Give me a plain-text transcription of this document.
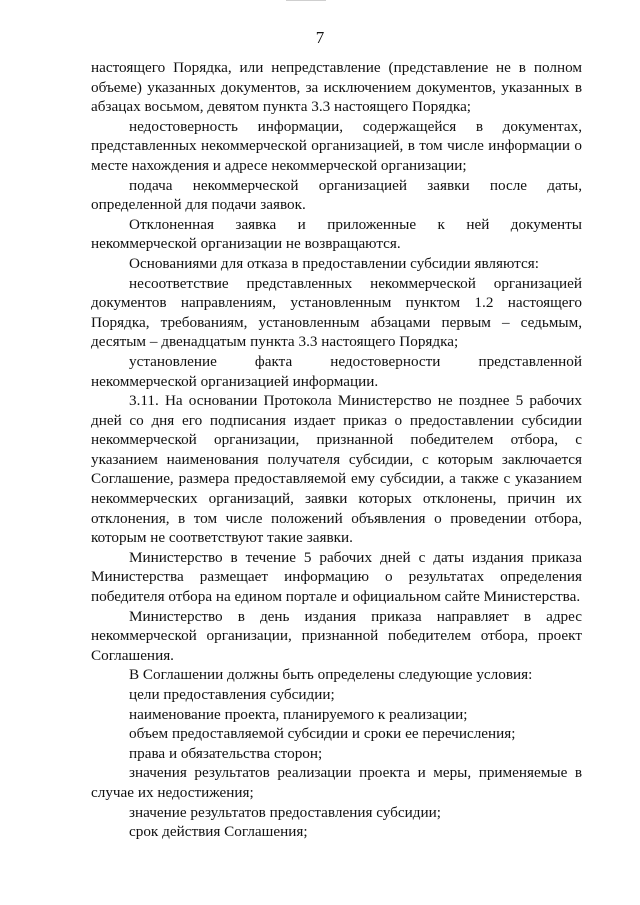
7

настоящего Порядка, или непредставление (представление не в полном объеме) указанных документов, за исключением документов, указанных в абзацах восьмом, девятом пункта 3.3 настоящего Порядка;

недостоверность информации, содержащейся в документах, представленных некоммерческой организацией, в том числе информации о месте нахождения и адресе некоммерческой организации;

подача некоммерческой организацией заявки после даты, определенной для подачи заявок.

Отклоненная заявка и приложенные к ней документы некоммерческой организации не возвращаются.

Основаниями для отказа в предоставлении субсидии являются:

несоответствие представленных некоммерческой организацией документов направлениям, установленным пунктом 1.2 настоящего Порядка, требованиям, установленным абзацами первым – седьмым, десятым – двенадцатым пункта 3.3 настоящего Порядка;

установление факта недостоверности представленной некоммерческой организацией информации.

3.11. На основании Протокола Министерство не позднее 5 рабочих дней со дня его подписания издает приказ о предоставлении субсидии некоммерческой организации, признанной победителем отбора, с указанием наименования получателя субсидии, с которым заключается Соглашение, размера предоставляемой ему субсидии, а также с указанием некоммерческих организаций, заявки которых отклонены, причин их отклонения, в том числе положений объявления о проведении отбора, которым не соответствуют такие заявки.

Министерство в течение 5 рабочих дней с даты издания приказа Министерства размещает информацию о результатах определения победителя отбора на едином портале и официальном сайте Министерства.

Министерство в день издания приказа направляет в адрес некоммерческой организации, признанной победителем отбора, проект Соглашения.

В Соглашении должны быть определены следующие условия:

цели предоставления субсидии;

наименование проекта, планируемого к реализации;

объем предоставляемой субсидии и сроки ее перечисления;

права и обязательства сторон;

значения результатов реализации проекта и меры, применяемые в случае их недостижения;

значение результатов предоставления субсидии;

срок действия Соглашения;
